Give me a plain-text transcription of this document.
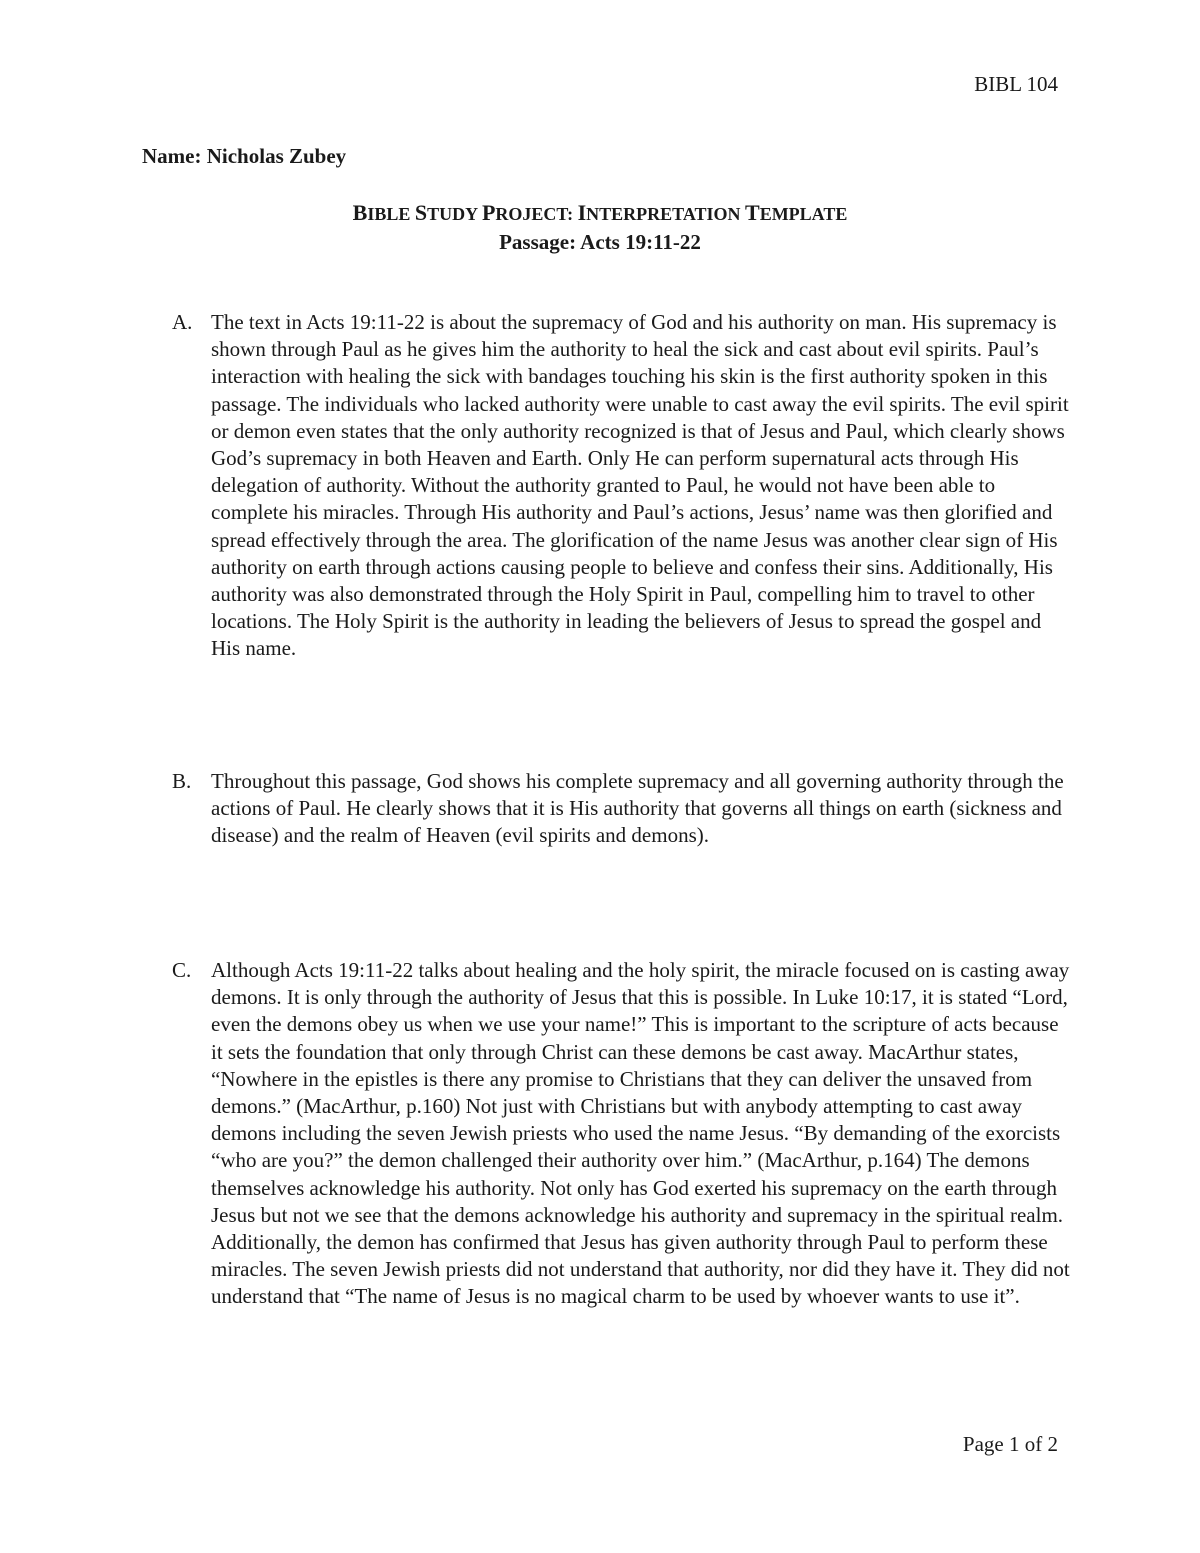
BIBL 104
Name: Nicholas Zubey
BIBLE STUDY PROJECT: INTERPRETATION TEMPLATE
Passage: Acts 19:11-22
A. The text in Acts 19:11-22 is about the supremacy of God and his authority on man. His supremacy is shown through Paul as he gives him the authority to heal the sick and cast about evil spirits. Paul’s interaction with healing the sick with bandages touching his skin is the first authority spoken in this passage. The individuals who lacked authority were unable to cast away the evil spirits. The evil spirit or demon even states that the only authority recognized is that of Jesus and Paul, which clearly shows God’s supremacy in both Heaven and Earth. Only He can perform supernatural acts through His delegation of authority. Without the authority granted to Paul, he would not have been able to complete his miracles. Through His authority and Paul’s actions, Jesus’ name was then glorified and spread effectively through the area. The glorification of the name Jesus was another clear sign of His authority on earth through actions causing people to believe and confess their sins. Additionally, His authority was also demonstrated through the Holy Spirit in Paul, compelling him to travel to other locations. The Holy Spirit is the authority in leading the believers of Jesus to spread the gospel and His name.
B. Throughout this passage, God shows his complete supremacy and all governing authority through the actions of Paul. He clearly shows that it is His authority that governs all things on earth (sickness and disease) and the realm of Heaven (evil spirits and demons).
C. Although Acts 19:11-22 talks about healing and the holy spirit, the miracle focused on is casting away demons. It is only through the authority of Jesus that this is possible. In Luke 10:17, it is stated “Lord, even the demons obey us when we use your name!” This is important to the scripture of acts because it sets the foundation that only through Christ can these demons be cast away. MacArthur states, “Nowhere in the epistles is there any promise to Christians that they can deliver the unsaved from demons.” (MacArthur, p.160) Not just with Christians but with anybody attempting to cast away demons including the seven Jewish priests who used the name Jesus. “By demanding of the exorcists “who are you?” the demon challenged their authority over him.” (MacArthur, p.164) The demons themselves acknowledge his authority. Not only has God exerted his supremacy on the earth through Jesus but not we see that the demons acknowledge his authority and supremacy in the spiritual realm. Additionally, the demon has confirmed that Jesus has given authority through Paul to perform these miracles. The seven Jewish priests did not understand that authority, nor did they have it. They did not understand that “The name of Jesus is no magical charm to be used by whoever wants to use it”.
Page 1 of 2
